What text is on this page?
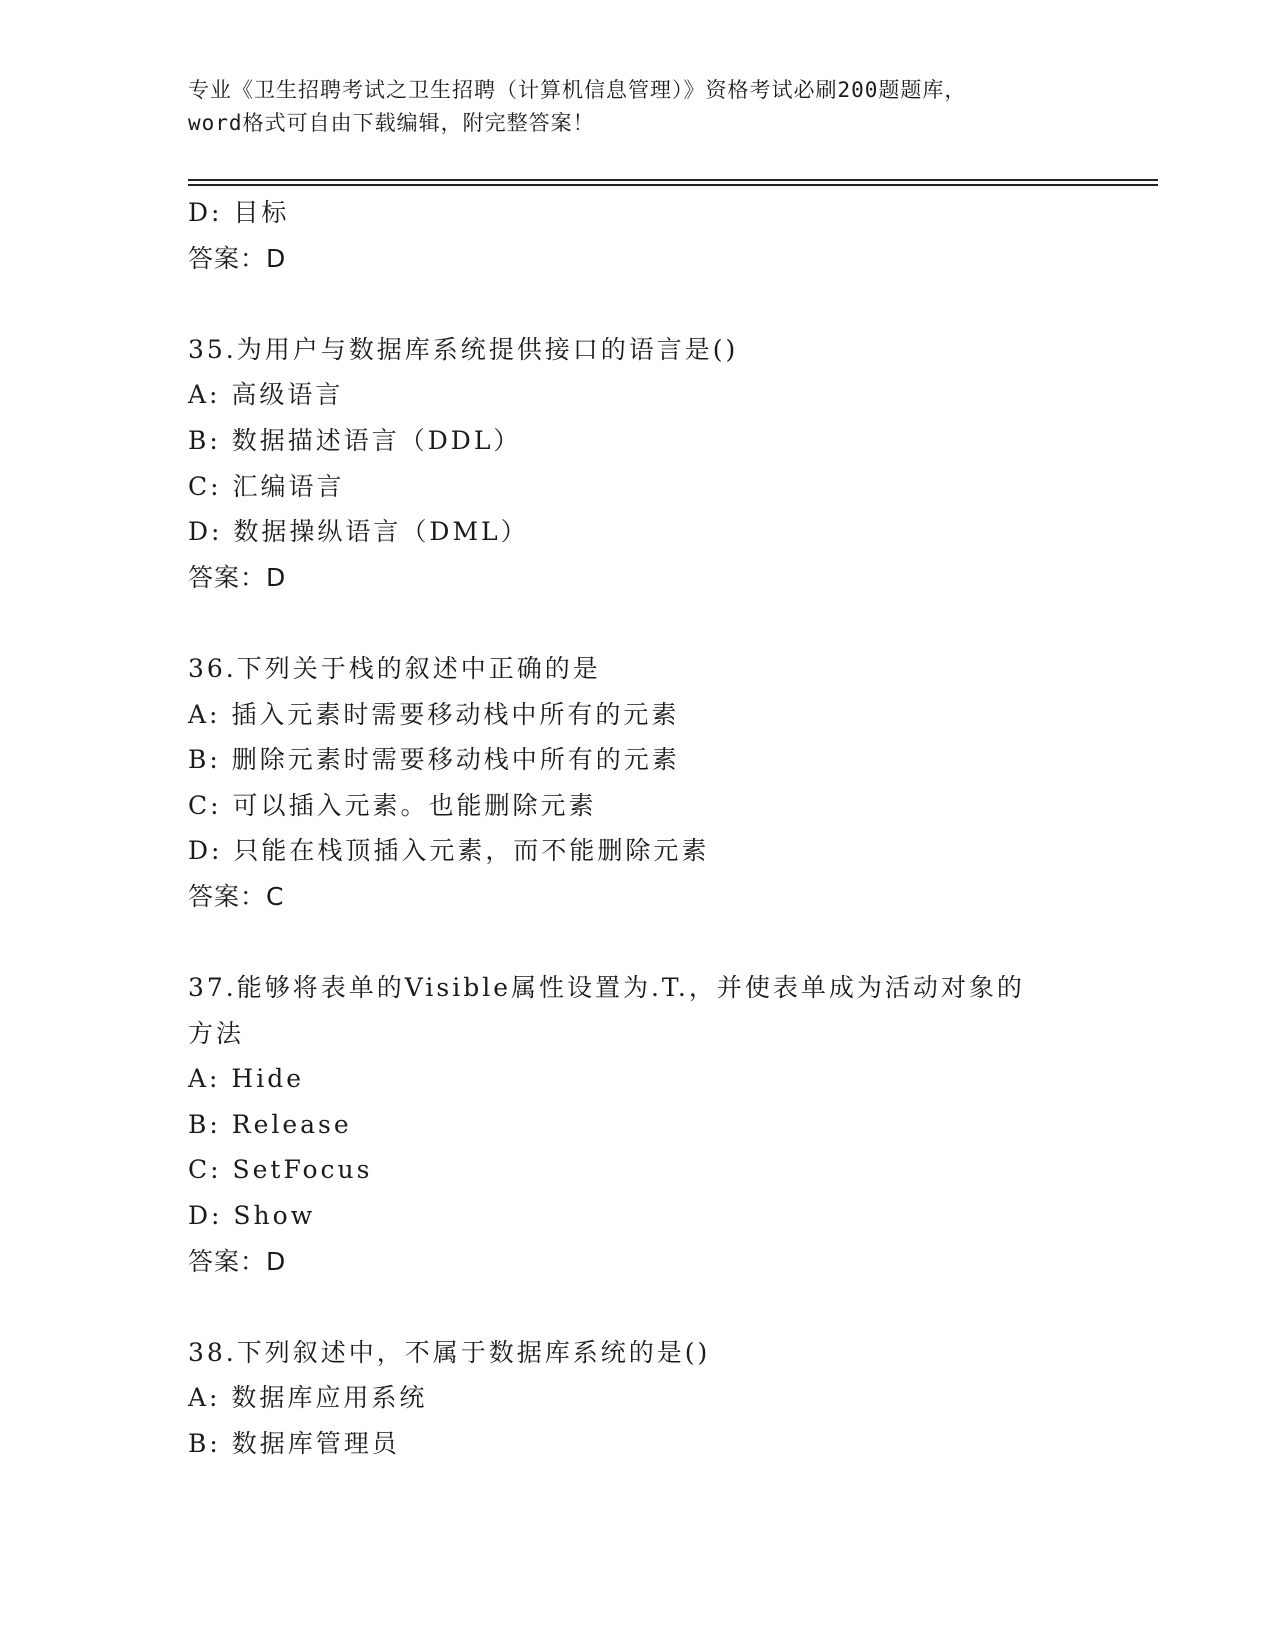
专业《卫生招聘考试之卫生招聘（计算机信息管理）》资格考试必刷200题题库，
word格式可自由下载编辑，附完整答案！
D: 目标
答案：D
35.为用户与数据库系统提供接口的语言是()
A: 高级语言
B: 数据描述语言（DDL）
C: 汇编语言
D: 数据操纵语言（DML）
答案：D
36.下列关于栈的叙述中正确的是
A: 插入元素时需要移动栈中所有的元素
B: 删除元素时需要移动栈中所有的元素
C: 可以插入元素。也能删除元素
D: 只能在栈顶插入元素，而不能删除元素
答案：C
37.能够将表单的Visible属性设置为.T.，并使表单成为活动对象的
方法
A: Hide
B: Release
C: SetFocus
D: Show
答案：D
38.下列叙述中，不属于数据库系统的是()
A: 数据库应用系统
B: 数据库管理员
